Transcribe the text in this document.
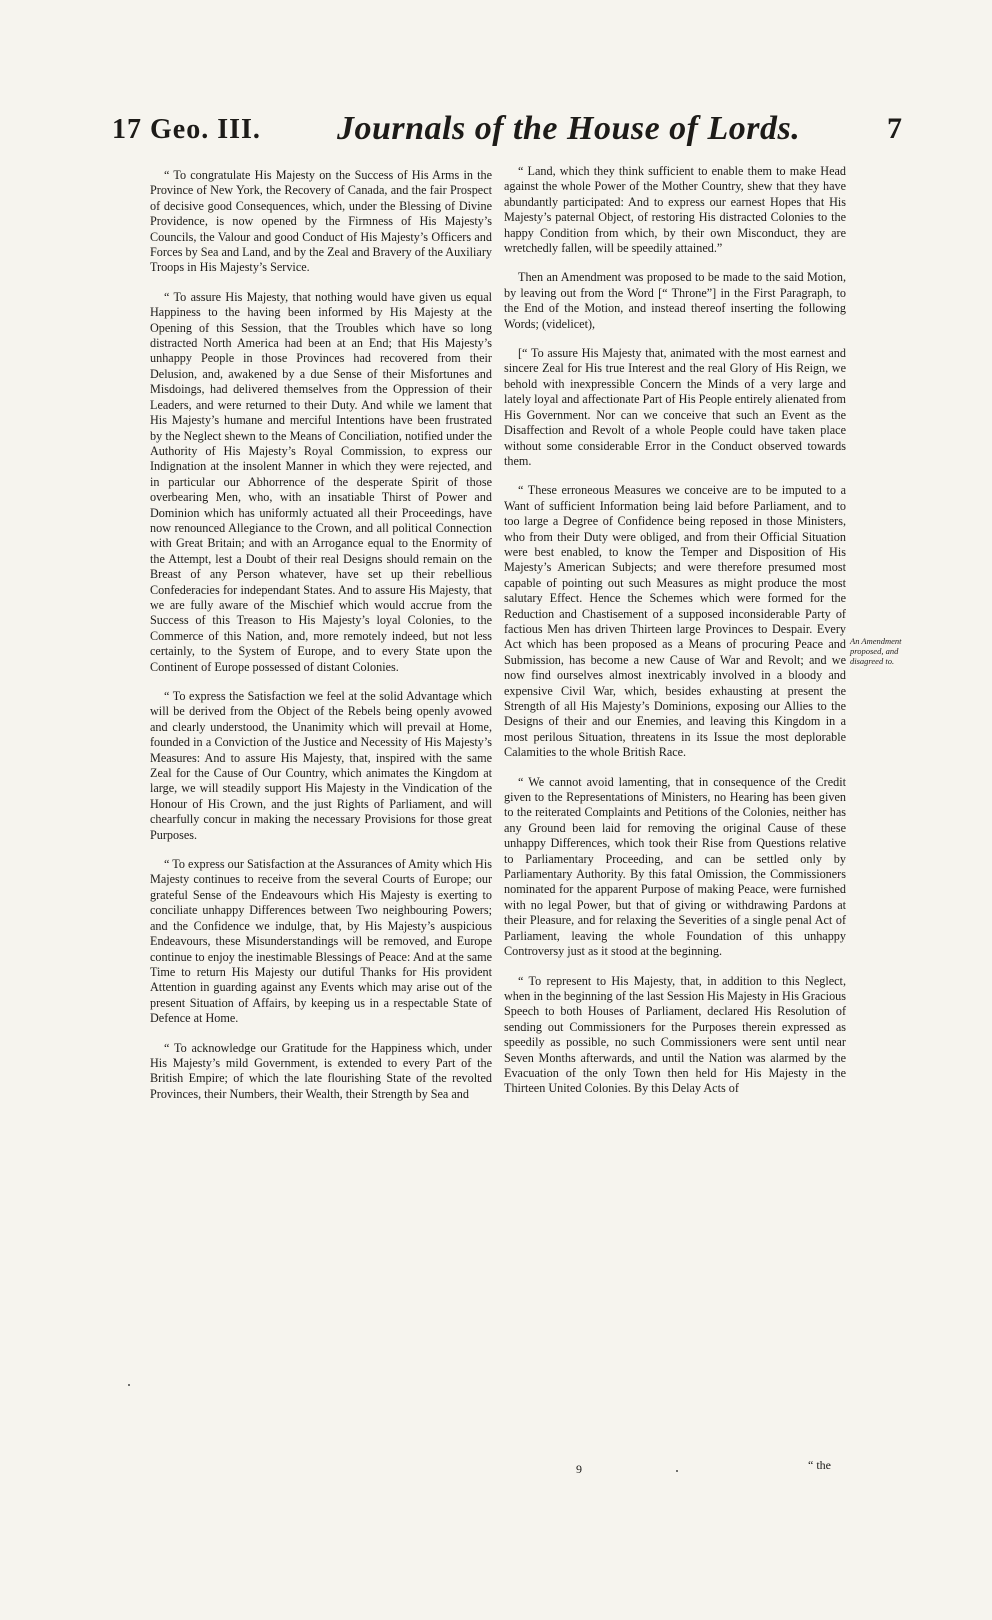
17 Geo. III. Journals of the House of Lords.	7

“ To congratulate His Majesty on the Success of His Arms in the Province of New York, the Recovery of Canada, and the fair Prospect of decisive good Consequences, which, under the Blessing of Divine Providence, is now opened by the Firmness of His Majesty’s Councils, the Valour and good Conduct of His Majesty’s Officers and Forces by Sea and Land, and by the Zeal and Bravery of the Auxiliary Troops in His Majesty’s Service.

“ To assure His Majesty, that nothing would have given us equal Happiness to the having been informed by His Majesty at the Opening of this Session, that the Troubles which have so long distracted North America had been at an End; that His Majesty’s unhappy People in those Provinces had recovered from their Delusion, and, awakened by a due Sense of their Misfortunes and Misdoings, had delivered themselves from the Oppression of their Leaders, and were returned to their Duty. And while we lament that His Majesty’s humane and merciful Intentions have been frustrated by the Neglect shewn to the Means of Conciliation, notified under the Authority of His Majesty’s Royal Commission, to express our Indignation at the insolent Manner in which they were rejected, and in particular our Abhorrence of the desperate Spirit of those overbearing Men, who, with an insatiable Thirst of Power and Dominion which has uniformly actuated all their Proceedings, have now renounced Allegiance to the Crown, and all political Connection with Great Britain; and with an Arrogance equal to the Enormity of the Attempt, lest a Doubt of their real Designs should remain on the Breast of any Person whatever, have set up their rebellious Confederacies for independant States. And to assure His Majesty, that we are fully aware of the Mischief which would accrue from the Success of this Treason to His Majesty’s loyal Colonies, to the Commerce of this Nation, and, more remotely indeed, but not less certainly, to the System of Europe, and to every State upon the Continent of Europe possessed of distant Colonies.

“ To express the Satisfaction we feel at the solid Advantage which will be derived from the Object of the Rebels being openly avowed and clearly understood, the Unanimity which will prevail at Home, founded in a Conviction of the Justice and Necessity of His Majesty’s Measures: And to assure His Majesty, that, inspired with the same Zeal for the Cause of Our Country, which animates the Kingdom at large, we will steadily support His Majesty in the Vindication of the Honour of His Crown, and the just Rights of Parliament, and will chearfully concur in making the necessary Provisions for those great Purposes.

“ To express our Satisfaction at the Assurances of Amity which His Majesty continues to receive from the several Courts of Europe; our grateful Sense of the Endeavours which His Majesty is exerting to conciliate unhappy Differences between Two neighbouring Powers; and the Confidence we indulge, that, by His Majesty’s auspicious Endeavours, these Misunderstandings will be removed, and Europe continue to enjoy the inestimable Blessings of Peace: And at the same Time to return His Majesty our dutiful Thanks for His provident Attention in guarding against any Events which may arise out of the present Situation of Affairs, by keeping us in a respectable State of Defence at Home.

“ To acknowledge our Gratitude for the Happiness which, under His Majesty’s mild Government, is extended to every Part of the British Empire; of which the late flourishing State of the revolted Provinces, their Numbers, their Wealth, their Strength by Sea and

“ Land, which they think sufficient to enable them to make Head against the whole Power of the Mother Country, shew that they have abundantly participated: And to express our earnest Hopes that His Majesty’s paternal Object, of restoring His distracted Colonies to the happy Condition from which, by their own Misconduct, they are wretchedly fallen, will be speedily attained.”

Then an Amendment was proposed to be made to the said Motion, by leaving out from the Word [“ Throne”] in the First Paragraph, to the End of the Motion, and instead thereof inserting the following Words; (videlicet),

[“ To assure His Majesty that, animated with the most earnest and sincere Zeal for His true Interest and the real Glory of His Reign, we behold with inexpressible Concern the Minds of a very large and lately loyal and affectionate Part of His People entirely alienated from His Government. Nor can we conceive that such an Event as the Disaffection and Revolt of a whole People could have taken place without some considerable Error in the Conduct observed towards them.

“ These erroneous Measures we conceive are to be imputed to a Want of sufficient Information being laid before Parliament, and to too large a Degree of Confidence being reposed in those Ministers, who from their Duty were obliged, and from their Official Situation were best enabled, to know the Temper and Disposition of His Majesty’s American Subjects; and were therefore presumed most capable of pointing out such Measures as might produce the most salutary Effect. Hence the Schemes which were formed for the Reduction and Chastisement of a supposed inconsiderable Party of factious Men has driven Thirteen large Provinces to Despair. Every Act which has been proposed as a Means of procuring Peace and Submission, has become a new Cause of War and Revolt; and we now find ourselves almost inextricably involved in a bloody and expensive Civil War, which, besides exhausting at present the Strength of all His Majesty’s Dominions, exposing our Allies to the Designs of their and our Enemies, and leaving this Kingdom in a most perilous Situation, threatens in its Issue the most deplorable Calamities to the whole British Race.

“ We cannot avoid lamenting, that in consequence of the Credit given to the Representations of Ministers, no Hearing has been given to the reiterated Complaints and Petitions of the Colonies, neither has any Ground been laid for removing the original Cause of these unhappy Differences, which took their Rise from Questions relative to Parliamentary Proceeding, and can be settled only by Parliamentary Authority. By this fatal Omission, the Commissioners nominated for the apparent Purpose of making Peace, were furnished with no legal Power, but that of giving or withdrawing Pardons at their Pleasure, and for relaxing the Severities of a single penal Act of Parliament, leaving the whole Foundation of this unhappy Controversy just as it stood at the beginning.

“ To represent to His Majesty, that, in addition to this Neglect, when in the beginning of the last Session His Majesty in His Gracious Speech to both Houses of Parliament, declared His Resolution of sending out Commissioners for the Purposes therein expressed as speedily as possible, no such Commissioners were sent until near Seven Months afterwards, and until the Nation was alarmed by the Evacuation of the only Town then held for His Majesty in the Thirteen United Colonies. By this Delay Acts of

An Amendment proposed, and disagreed to.
9	“ the
